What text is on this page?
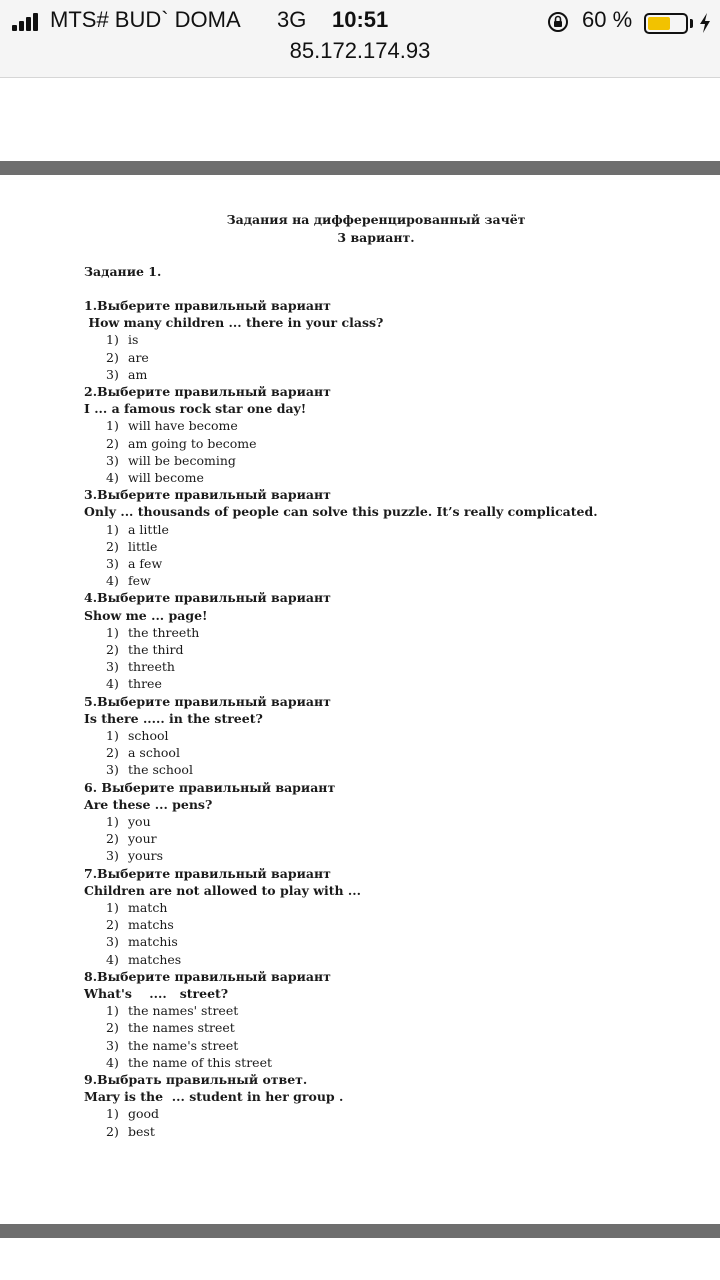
MTS# BUD` DOMA 3G 10:51	60 %
85.172.174.93
Задания на дифференцированный зачёт
3 вариант.
Задание 1.
1.Выберите правильный вариант
How many children ... there in your class?
1) is
2) are
3) am
2.Выберите правильный вариант
I ... a famous rock star one day!
1) will have become
2) am going to become
3) will be becoming
4) will become
3.Выберите правильный вариант
Only ... thousands of people can solve this puzzle. It’s really complicated.
1) a little
2) little
3) a few
4) few
4.Выберите правильный вариант
Show me ... page!
1) the threeth
2) the third
3) threeth
4) three
5.Выберите правильный вариант
Is there ..... in the street?
1) school
2) a school
3) the school
6. Выберите правильный вариант
Are these ... pens?
1) you
2) your
3) yours
7.Выберите правильный вариант
Children are not allowed to play with ...
1) match
2) matchs
3) matchis
4) matches
8.Выберите правильный вариант
What's    ....   street?
1) the names' street
2) the names street
3) the name's street
4) the name of this street
9.Выбрать правильный ответ.
Mary is the  ... student in her group .
1) good
2) best
